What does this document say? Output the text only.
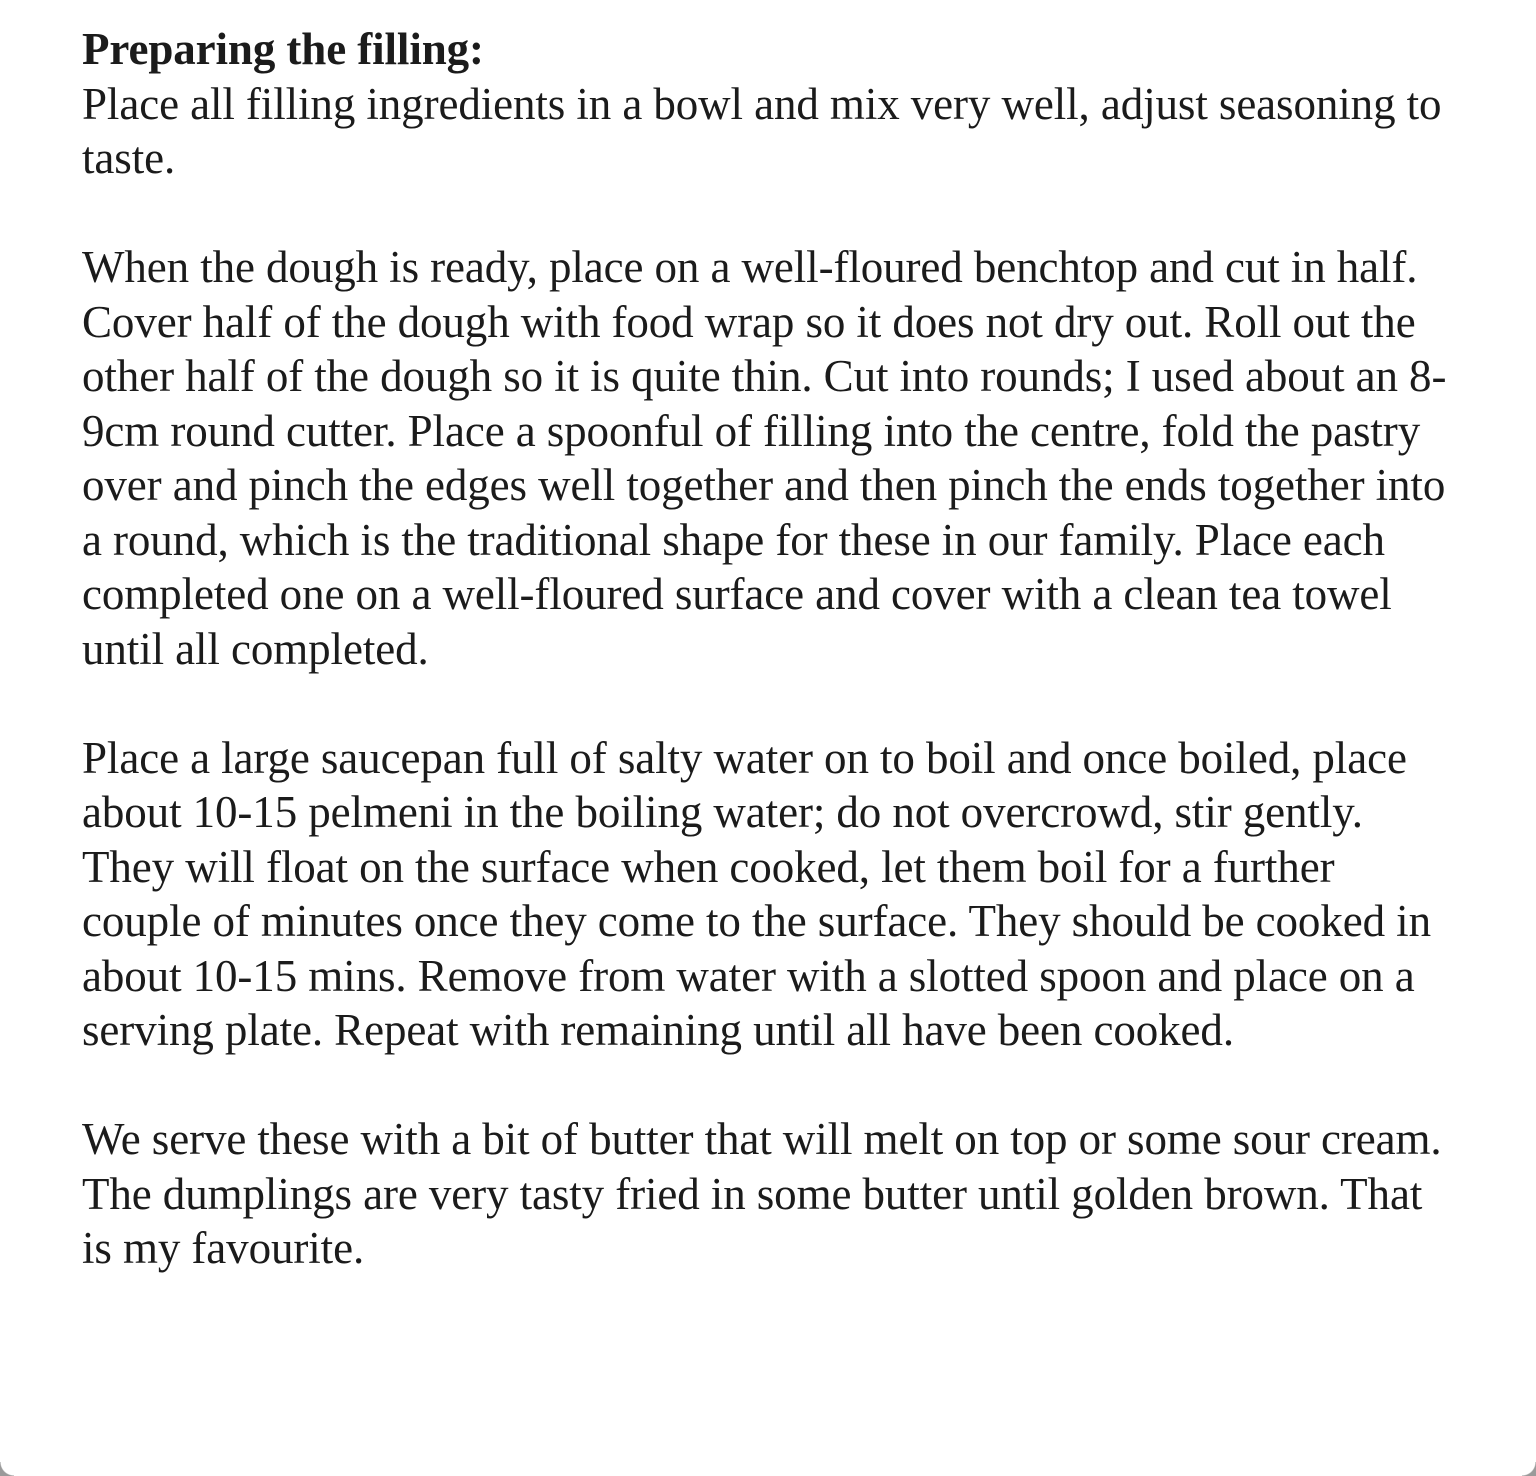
Preparing the filling:
Place all filling ingredients in a bowl and mix very well, adjust seasoning to taste.
When the dough is ready, place on a well-floured benchtop and cut in half. Cover half of the dough with food wrap so it does not dry out. Roll out the other half of the dough so it is quite thin. Cut into rounds; I used about an 8-9cm round cutter. Place a spoonful of filling into the centre, fold the pastry over and pinch the edges well together and then pinch the ends together into a round, which is the traditional shape for these in our family. Place each completed one on a well-floured surface and cover with a clean tea towel until all completed.
Place a large saucepan full of salty water on to boil and once boiled, place about 10-15 pelmeni in the boiling water; do not overcrowd, stir gently. They will float on the surface when cooked, let them boil for a further couple of minutes once they come to the surface. They should be cooked in about 10-15 mins. Remove from water with a slotted spoon and place on a serving plate. Repeat with remaining until all have been cooked.
We serve these with a bit of butter that will melt on top or some sour cream. The dumplings are very tasty fried in some butter until golden brown. That is my favourite.
